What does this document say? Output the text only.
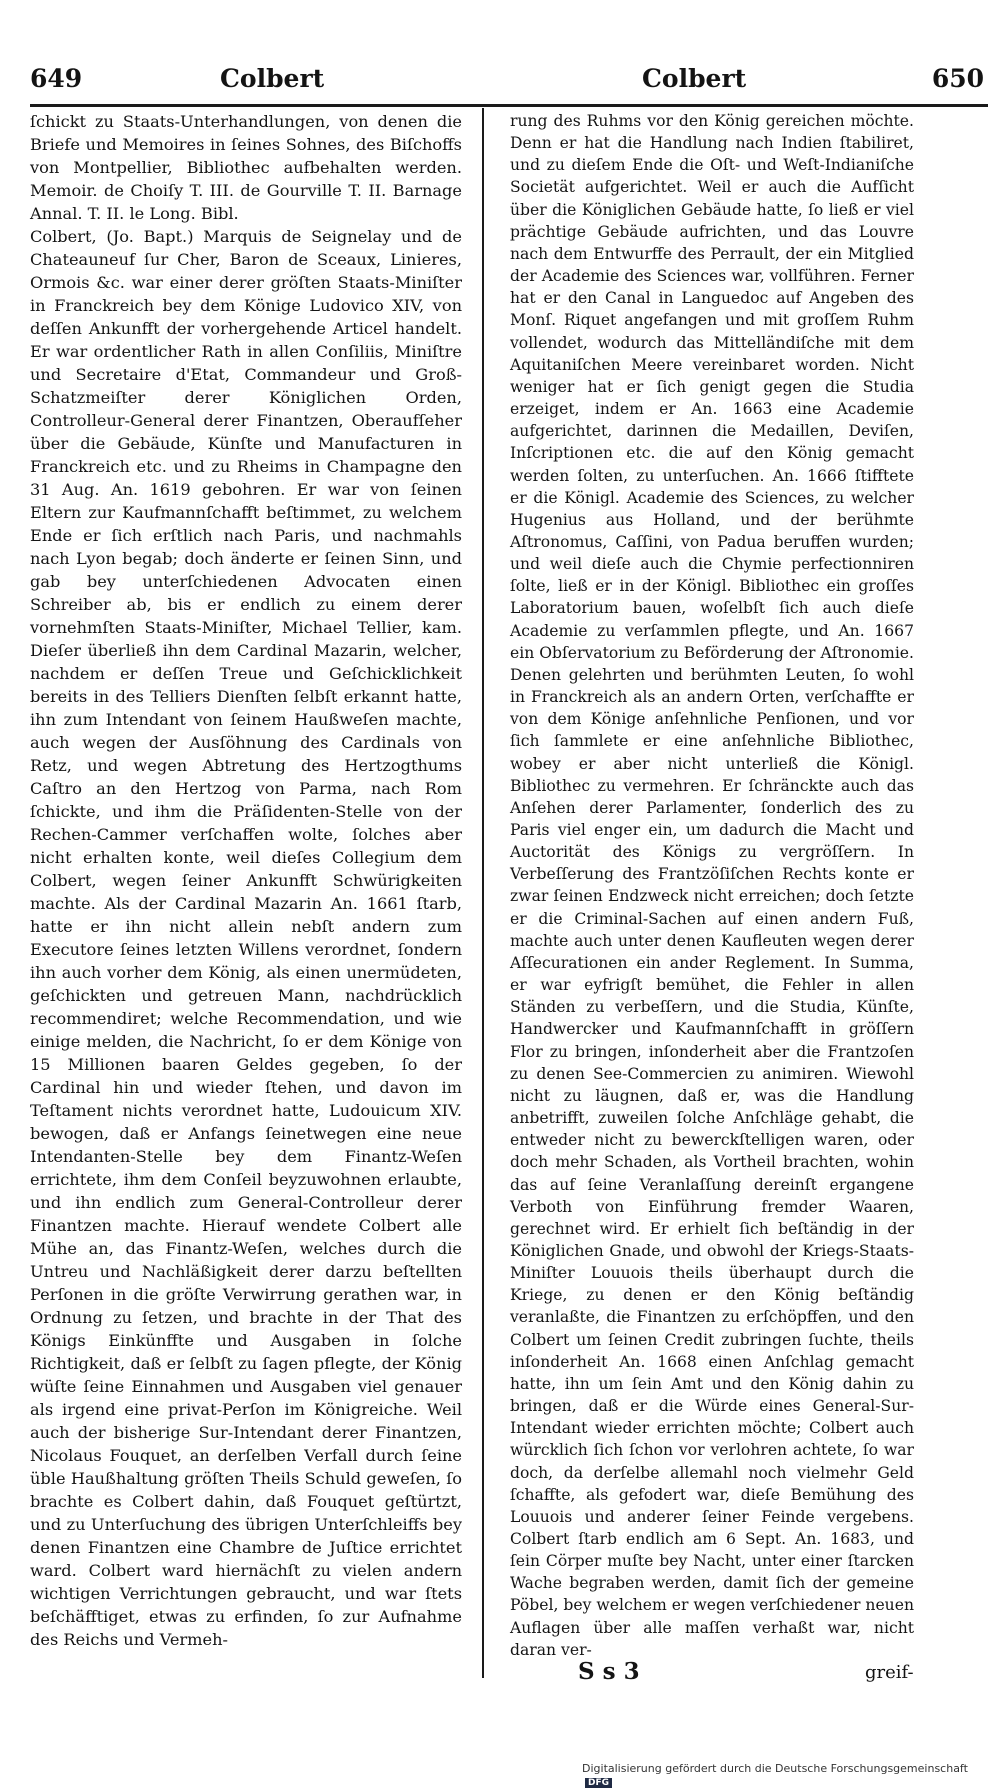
649	Colbert	Colbert	650

ſchickt zu Staats-Unterhandlungen, von denen die Briefe und Memoires in ſeines Sohnes, des Biſchoffs von Montpellier, Bibliothec aufbehalten werden. Memoir. de Choiſy T. III. de Gourville T. II. Barnage Annal. T. II. le Long. Bibl.

Colbert, (Jo. Bapt.) Marquis de Seignelay und de Chateauneuf ſur Cher, Baron de Sceaux, Linieres, Ormois &c. war einer derer gröſten Staats-Miniſter in Franckreich bey dem Könige Ludovico XIV, von deſſen Ankunfft der vorhergehende Articel handelt. Er war ordentlicher Rath in allen Conſiliis, Miniſtre und Secretaire d'Etat, Commandeur und Groß-Schatzmeiſter derer Königlichen Orden, Controlleur-General derer Finantzen, Oberaufſeher über die Gebäude, Künſte und Manufacturen in Franckreich etc. und zu Rheims in Champagne den 31 Aug. An. 1619 gebohren. Er war von ſeinen Eltern zur Kaufmannſchafft beſtimmet, zu welchem Ende er ſich erſtlich nach Paris, und nachmahls nach Lyon begab; doch änderte er ſeinen Sinn, und gab bey unterſchiedenen Advocaten einen Schreiber ab, bis er endlich zu einem derer vornehmſten Staats-Miniſter, Michael Tellier, kam. Dieſer überließ ihn dem Cardinal Mazarin, welcher, nachdem er deſſen Treue und Geſchicklichkeit bereits in des Telliers Dienſten ſelbſt erkannt hatte, ihn zum Intendant von ſeinem Haußweſen machte, auch wegen der Ausſöhnung des Cardinals von Retz, und wegen Abtretung des Hertzogthums Caſtro an den Hertzog von Parma, nach Rom ſchickte, und ihm die Präſidenten-Stelle von der Rechen-Cammer verſchaffen wolte, ſolches aber nicht erhalten konte, weil dieſes Collegium dem Colbert, wegen ſeiner Ankunfft Schwürigkeiten machte. Als der Cardinal Mazarin An. 1661 ſtarb, hatte er ihn nicht allein nebſt andern zum Executore ſeines letzten Willens verordnet, ſondern ihn auch vorher dem König, als einen unermüdeten, geſchickten und getreuen Mann, nachdrücklich recommendiret; welche Recommendation, und wie einige melden, die Nachricht, ſo er dem Könige von 15 Millionen baaren Geldes gegeben, ſo der Cardinal hin und wieder ſtehen, und davon im Teſtament nichts verordnet hatte, Ludouicum XIV. bewogen, daß er Anfangs ſeinetwegen eine neue Intendanten-Stelle bey dem Finantz-Weſen errichtete, ihm dem Conſeil beyzuwohnen erlaubte, und ihn endlich zum General-Controlleur derer Finantzen machte. Hierauf wendete Colbert alle Mühe an, das Finantz-Weſen, welches durch die Untreu und Nachläßigkeit derer darzu beſtellten Perſonen in die gröſte Verwirrung gerathen war, in Ordnung zu ſetzen, und brachte in der That des Königs Einkünffte und Ausgaben in ſolche Richtigkeit, daß er ſelbſt zu ſagen pflegte, der König wüſte ſeine Einnahmen und Ausgaben viel genauer als irgend eine privat-Perſon im Königreiche. Weil auch der bisherige Sur-Intendant derer Finantzen, Nicolaus Fouquet, an derſelben Verfall durch ſeine üble Haußhaltung gröſten Theils Schuld geweſen, ſo brachte es Colbert dahin, daß Fouquet geſtürtzt, und zu Unterſuchung des übrigen Unterſchleiffs bey denen Finantzen eine Chambre de Juſtice errichtet ward. Colbert ward hiernächſt zu vielen andern wichtigen Verrichtungen gebraucht, und war ſtets beſchäfftiget, etwas zu erfinden, ſo zur Aufnahme des Reichs und Vermeh-

rung des Ruhms vor den König gereichen möchte. Denn er hat die Handlung nach Indien ſtabiliret, und zu dieſem Ende die Oſt- und Weſt-Indianiſche Societät aufgerichtet. Weil er auch die Aufſicht über die Königlichen Gebäude hatte, ſo ließ er viel prächtige Gebäude aufrichten, und das Louvre nach dem Entwurffe des Perrault, der ein Mitglied der Academie des Sciences war, vollführen. Ferner hat er den Canal in Languedoc auf Angeben des Monſ. Riquet angefangen und mit groſſem Ruhm vollendet, wodurch das Mittelländiſche mit dem Aquitaniſchen Meere vereinbaret worden. Nicht weniger hat er ſich genigt gegen die Studia erzeiget, indem er An. 1663 eine Academie aufgerichtet, darinnen die Medaillen, Deviſen, Inſcriptionen etc. die auf den König gemacht werden ſolten, zu unterſuchen. An. 1666 ſtifftete er die Königl. Academie des Sciences, zu welcher Hugenius aus Holland, und der berühmte Aſtronomus, Caſſini, von Padua beruffen wurden; und weil dieſe auch die Chymie perfectionniren ſolte, ließ er in der Königl. Bibliothec ein groſſes Laboratorium bauen, woſelbſt ſich auch dieſe Academie zu verſammlen pflegte, und An. 1667 ein Obſervatorium zu Beförderung der Aſtronomie. Denen gelehrten und berühmten Leuten, ſo wohl in Franckreich als an andern Orten, verſchaffte er von dem Könige anſehnliche Penſionen, und vor ſich ſammlete er eine anſehnliche Bibliothec, wobey er aber nicht unterließ die Königl. Bibliothec zu vermehren. Er ſchränckte auch das Anſehen derer Parlamenter, ſonderlich des zu Paris viel enger ein, um dadurch die Macht und Auctorität des Königs zu vergröſſern. In Verbeſſerung des Frantzöſiſchen Rechts konte er zwar ſeinen Endzweck nicht erreichen; doch ſetzte er die Criminal-Sachen auf einen andern Fuß, machte auch unter denen Kaufleuten wegen derer Aſſecurationen ein ander Reglement. In Summa, er war eyfrigſt bemühet, die Fehler in allen Ständen zu verbeſſern, und die Studia, Künſte, Handwercker und Kaufmannſchafft in gröſſern Flor zu bringen, inſonderheit aber die Frantzoſen zu denen See-Commercien zu animiren. Wiewohl nicht zu läugnen, daß er, was die Handlung anbetrifft, zuweilen ſolche Anſchläge gehabt, die entweder nicht zu bewerckſtelligen waren, oder doch mehr Schaden, als Vortheil brachten, wohin das auf ſeine Veranlaſſung dereinſt ergangene Verboth von Einführung fremder Waaren, gerechnet wird. Er erhielt ſich beſtändig in der Königlichen Gnade, und obwohl der Kriegs-Staats-Miniſter Louuois theils überhaupt durch die Kriege, zu denen er den König beſtändig veranlaßte, die Finantzen zu erſchöpffen, und den Colbert um ſeinen Credit zubringen ſuchte, theils inſonderheit An. 1668 einen Anſchlag gemacht hatte, ihn um ſein Amt und den König dahin zu bringen, daß er die Würde eines General-Sur-Intendant wieder errichten möchte; Colbert auch würcklich ſich ſchon vor verlohren achtete, ſo war doch, da derſelbe allemahl noch vielmehr Geld ſchaffte, als gefodert war, dieſe Bemühung des Louuois und anderer ſeiner Feinde vergebens. Colbert ſtarb endlich am 6 Sept. An. 1683, und ſein Cörper muſte bey Nacht, unter einer ſtarcken Wache begraben werden, damit ſich der gemeine Pöbel, bey welchem er wegen verſchiedener neuen Auflagen über alle maſſen verhaßt war, nicht daran ver-

S s 3	greif-
Digitalisierung gefördert durch die Deutsche Forschungsgemeinschaft DFG
